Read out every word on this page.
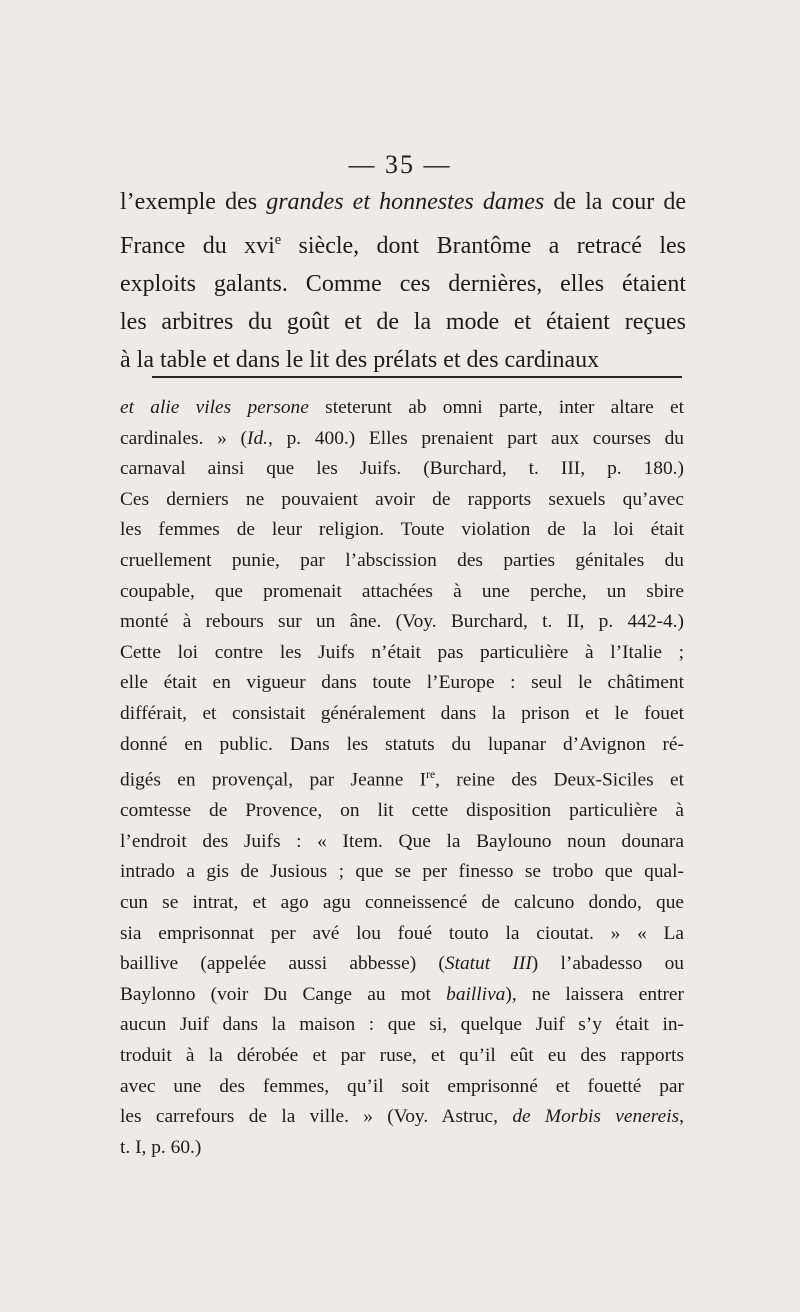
— 35 —
l’exemple des grandes et honnestes dames de la cour de
France du xvi$^e$ siècle, dont Brantôme a retracé les
exploits galants. Comme ces dernières, elles étaient
les arbitres du goût et de la mode et étaient reçues
à la table et dans le lit des prélats et des cardinaux
et alie viles persone steterunt ab omni parte, inter altare et
cardinales. » (Id., p. 400.) Elles prenaient part aux courses du
carnaval ainsi que les Juifs. (Burchard, t. III, p. 180.)
Ces derniers ne pouvaient avoir de rapports sexuels qu’avec
les femmes de leur religion. Toute violation de la loi était
cruellement punie, par l’abscission des parties génitales du
coupable, que promenait attachées à une perche, un sbire
monté à rebours sur un âne. (Voy. Burchard, t. II, p. 442-4.)
Cette loi contre les Juifs n’était pas particulière à l’Italie ;
elle était en vigueur dans toute l’Europe : seul le châtiment
différait, et consistait généralement dans la prison et le fouet
donné en public. Dans les statuts du lupanar d’Avignon ré-
digés en provençal, par Jeanne Ire, reine des Deux-Siciles et
comtesse de Provence, on lit cette disposition particulière à
l’endroit des Juifs : « Item. Que la Baylouno noun dounara
intrado a gis de Jusious ; que se per finesso se trobo que qual-
cun se intrat, et ago agu conneissencé de calcuno dondo, que
sia emprisonnat per avé lou foué touto la cioutat. » « La
baillive (appelée aussi abbesse) (Statut III) l’abadesso ou
Baylonno (voir Du Cange au mot bailliva), ne laissera entrer
aucun Juif dans la maison : que si, quelque Juif s’y était in-
troduit à la dérobée et par ruse, et qu’il eût eu des rapports
avec une des femmes, qu’il soit emprisonné et fouetté par
les carrefours de la ville. » (Voy. Astruc, de Morbis venereis,
t. I, p. 60.)
